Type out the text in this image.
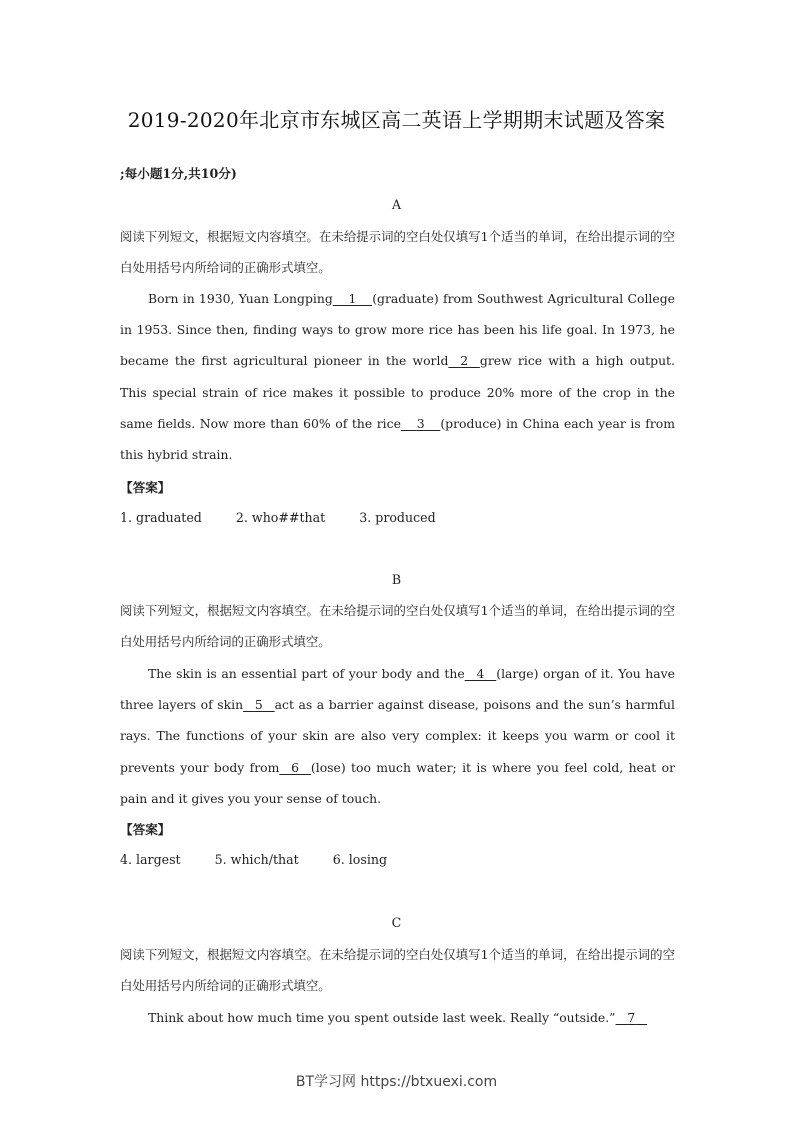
2019-2020年北京市东城区高二英语上学期期末试题及答案
;每小题1分,共10分)
A
阅读下列短文，根据短文内容填空。在未给提示词的空白处仅填写1个适当的单词，在给出提示词的空白处用括号内所给词的正确形式填空。
Born in 1930, Yuan Longping 1 (graduate) from Southwest Agricultural College in 1953. Since then, finding ways to grow more rice has been his life goal. In 1973, he became the first agricultural pioneer in the world 2 grew rice with a high output. This special strain of rice makes it possible to produce 20% more of the crop in the same fields. Now more than 60% of the rice 3 (produce) in China each year is from this hybrid strain.
【答案】
1. graduated	2. who##that	3. produced
B
阅读下列短文，根据短文内容填空。在未给提示词的空白处仅填写1个适当的单词，在给出提示词的空白处用括号内所给词的正确形式填空。
The skin is an essential part of your body and the 4 (large) organ of it. You have three layers of skin 5 act as a barrier against disease, poisons and the sun’s harmful rays. The functions of your skin are also very complex: it keeps you warm or cool it prevents your body from 6 (lose) too much water; it is where you feel cold, heat or pain and it gives you your sense of touch.
【答案】
4. largest	5. which/that	6. losing
C
阅读下列短文，根据短文内容填空。在未给提示词的空白处仅填写1个适当的单词，在给出提示词的空白处用括号内所给词的正确形式填空。
Think about how much time you spent outside last week. Really “outside.” 7
BT学习网 https://btxuexi.com
